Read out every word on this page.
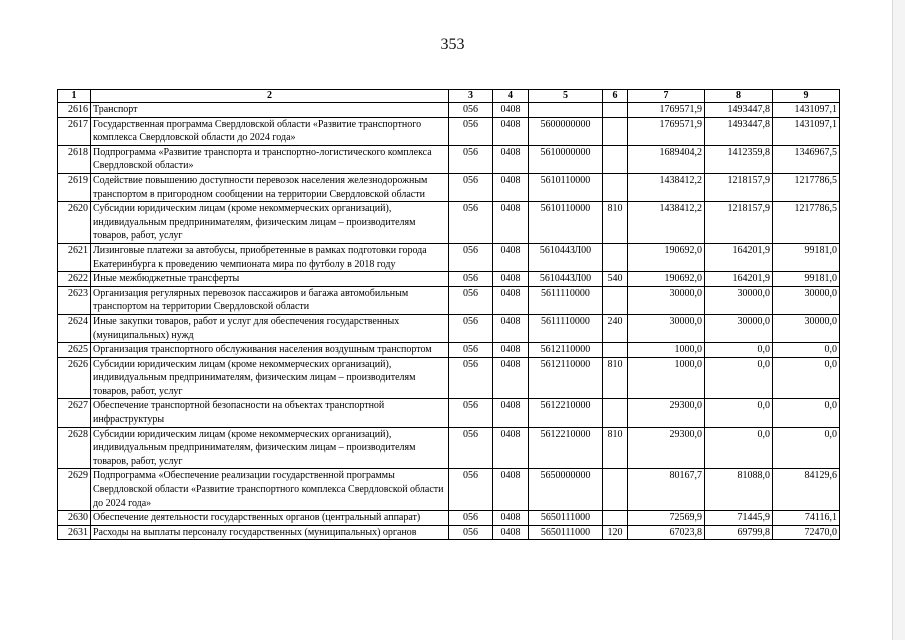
353
1	2	3	4	5	6	7	8	9
2616	Транспорт	056	0408			1769571,9	1493447,8	1431097,1
2617	Государственная программа Свердловской области «Развитие транспортного комплекса Свердловской области до 2024 года»	056	0408	5600000000		1769571,9	1493447,8	1431097,1
2618	Подпрограмма «Развитие транспорта и транспортно-логистического комплекса Свердловской области»	056	0408	5610000000		1689404,2	1412359,8	1346967,5
2619	Содействие повышению доступности перевозок населения железнодорожным транспортом в пригородном сообщении на территории Свердловской области	056	0408	5610110000		1438412,2	1218157,9	1217786,5
2620	Субсидии юридическим лицам (кроме некоммерческих организаций), индивидуальным предпринимателям, физическим лицам – производителям товаров, работ, услуг	056	0408	5610110000	810	1438412,2	1218157,9	1217786,5
2621	Лизинговые платежи за автобусы, приобретенные в рамках подготовки города Екатеринбурга к проведению чемпионата мира по футболу в 2018 году	056	0408	561044ЗЛ00		190692,0	164201,9	99181,0
2622	Иные межбюджетные трансферты	056	0408	561044ЗЛ00	540	190692,0	164201,9	99181,0
2623	Организация регулярных перевозок пассажиров и багажа автомобильным транспортом на территории Свердловской области	056	0408	5611110000		30000,0	30000,0	30000,0
2624	Иные закупки товаров, работ и услуг для обеспечения государственных (муниципальных) нужд	056	0408	5611110000	240	30000,0	30000,0	30000,0
2625	Организация транспортного обслуживания населения воздушным транспортом	056	0408	5612110000		1000,0	0,0	0,0
2626	Субсидии юридическим лицам (кроме некоммерческих организаций), индивидуальным предпринимателям, физическим лицам – производителям товаров, работ, услуг	056	0408	5612110000	810	1000,0	0,0	0,0
2627	Обеспечение транспортной безопасности на объектах транспортной инфраструктуры	056	0408	5612210000		29300,0	0,0	0,0
2628	Субсидии юридическим лицам (кроме некоммерческих организаций), индивидуальным предпринимателям, физическим лицам – производителям товаров, работ, услуг	056	0408	5612210000	810	29300,0	0,0	0,0
2629	Подпрограмма «Обеспечение реализации государственной программы Свердловской области «Развитие транспортного комплекса Свердловской области до 2024 года»	056	0408	5650000000		80167,7	81088,0	84129,6
2630	Обеспечение деятельности государственных органов (центральный аппарат)	056	0408	5650111000		72569,9	71445,9	74116,1
2631	Расходы на выплаты персоналу государственных (муниципальных) органов	056	0408	5650111000	120	67023,8	69799,8	72470,0
